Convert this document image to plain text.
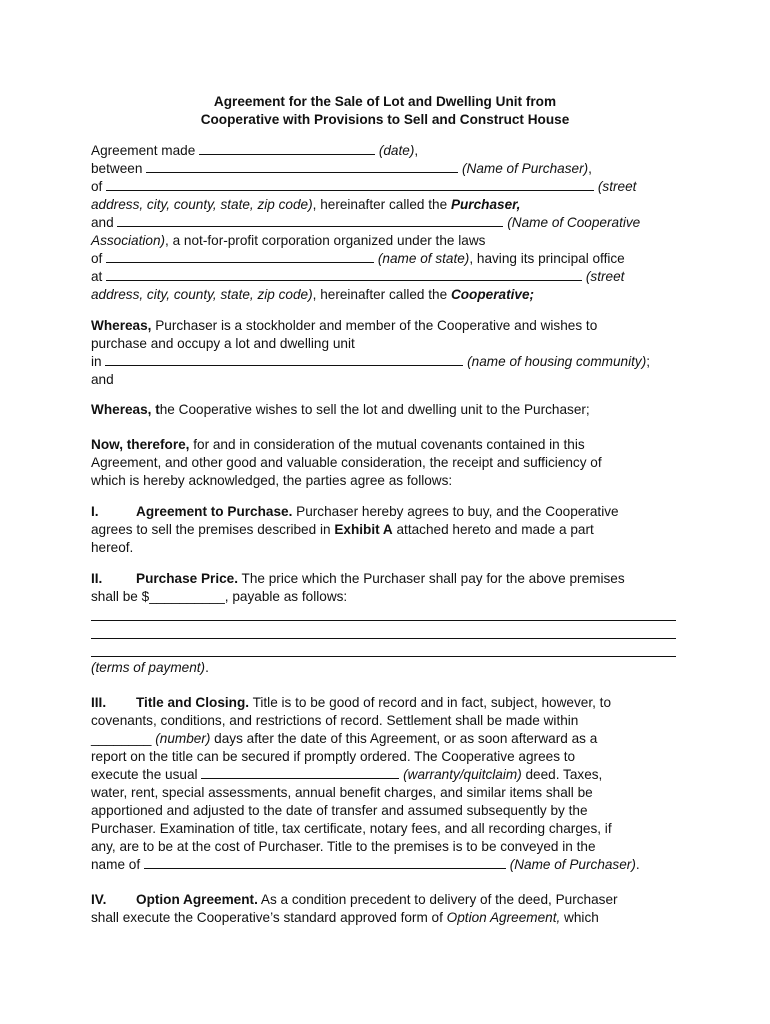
Agreement for the Sale of Lot and Dwelling Unit from
Cooperative with Provisions to Sell and Construct House
Agreement made	(date),
between	(Name of Purchaser),
of	(street
address, city, county, state, zip code), hereinafter called the Purchaser,
and	(Name of Cooperative
Association), a not-for-profit corporation organized under the laws
of	(name of state), having its principal office
at	(street
address, city, county, state, zip code), hereinafter called the Cooperative;
Whereas, Purchaser is a stockholder and member of the Cooperative and wishes to
purchase and occupy a lot and dwelling unit
in	(name of housing community);
and
Whereas, the Cooperative wishes to sell the lot and dwelling unit to the Purchaser;
Now, therefore, for and in consideration of the mutual covenants contained in this
Agreement, and other good and valuable consideration, the receipt and sufficiency of
which is hereby acknowledged, the parties agree as follows:
I.	Agreement to Purchase. Purchaser hereby agrees to buy, and the Cooperative
agrees to sell the premises described in Exhibit A attached hereto and made a part
hereof.
II. Purchase Price. The price which the Purchaser shall pay for the above premises
shall be $__________, payable as follows:
(terms of payment).
III. Title and Closing. Title is to be good of record and in fact, subject, however, to
covenants, conditions, and restrictions of record. Settlement shall be made within
________ (number) days after the date of this Agreement, or as soon afterward as a
report on the title can be secured if promptly ordered. The Cooperative agrees to
execute the usual	(warranty/quitclaim) deed. Taxes,
water, rent, special assessments, annual benefit charges, and similar items shall be
apportioned and adjusted to the date of transfer and assumed subsequently by the
Purchaser. Examination of title, tax certificate, notary fees, and all recording charges, if
any, are to be at the cost of Purchaser. Title to the premises is to be conveyed in the
name of	(Name of Purchaser).
IV. Option Agreement. As a condition precedent to delivery of the deed, Purchaser
shall execute the Cooperative’s standard approved form of Option Agreement, which
